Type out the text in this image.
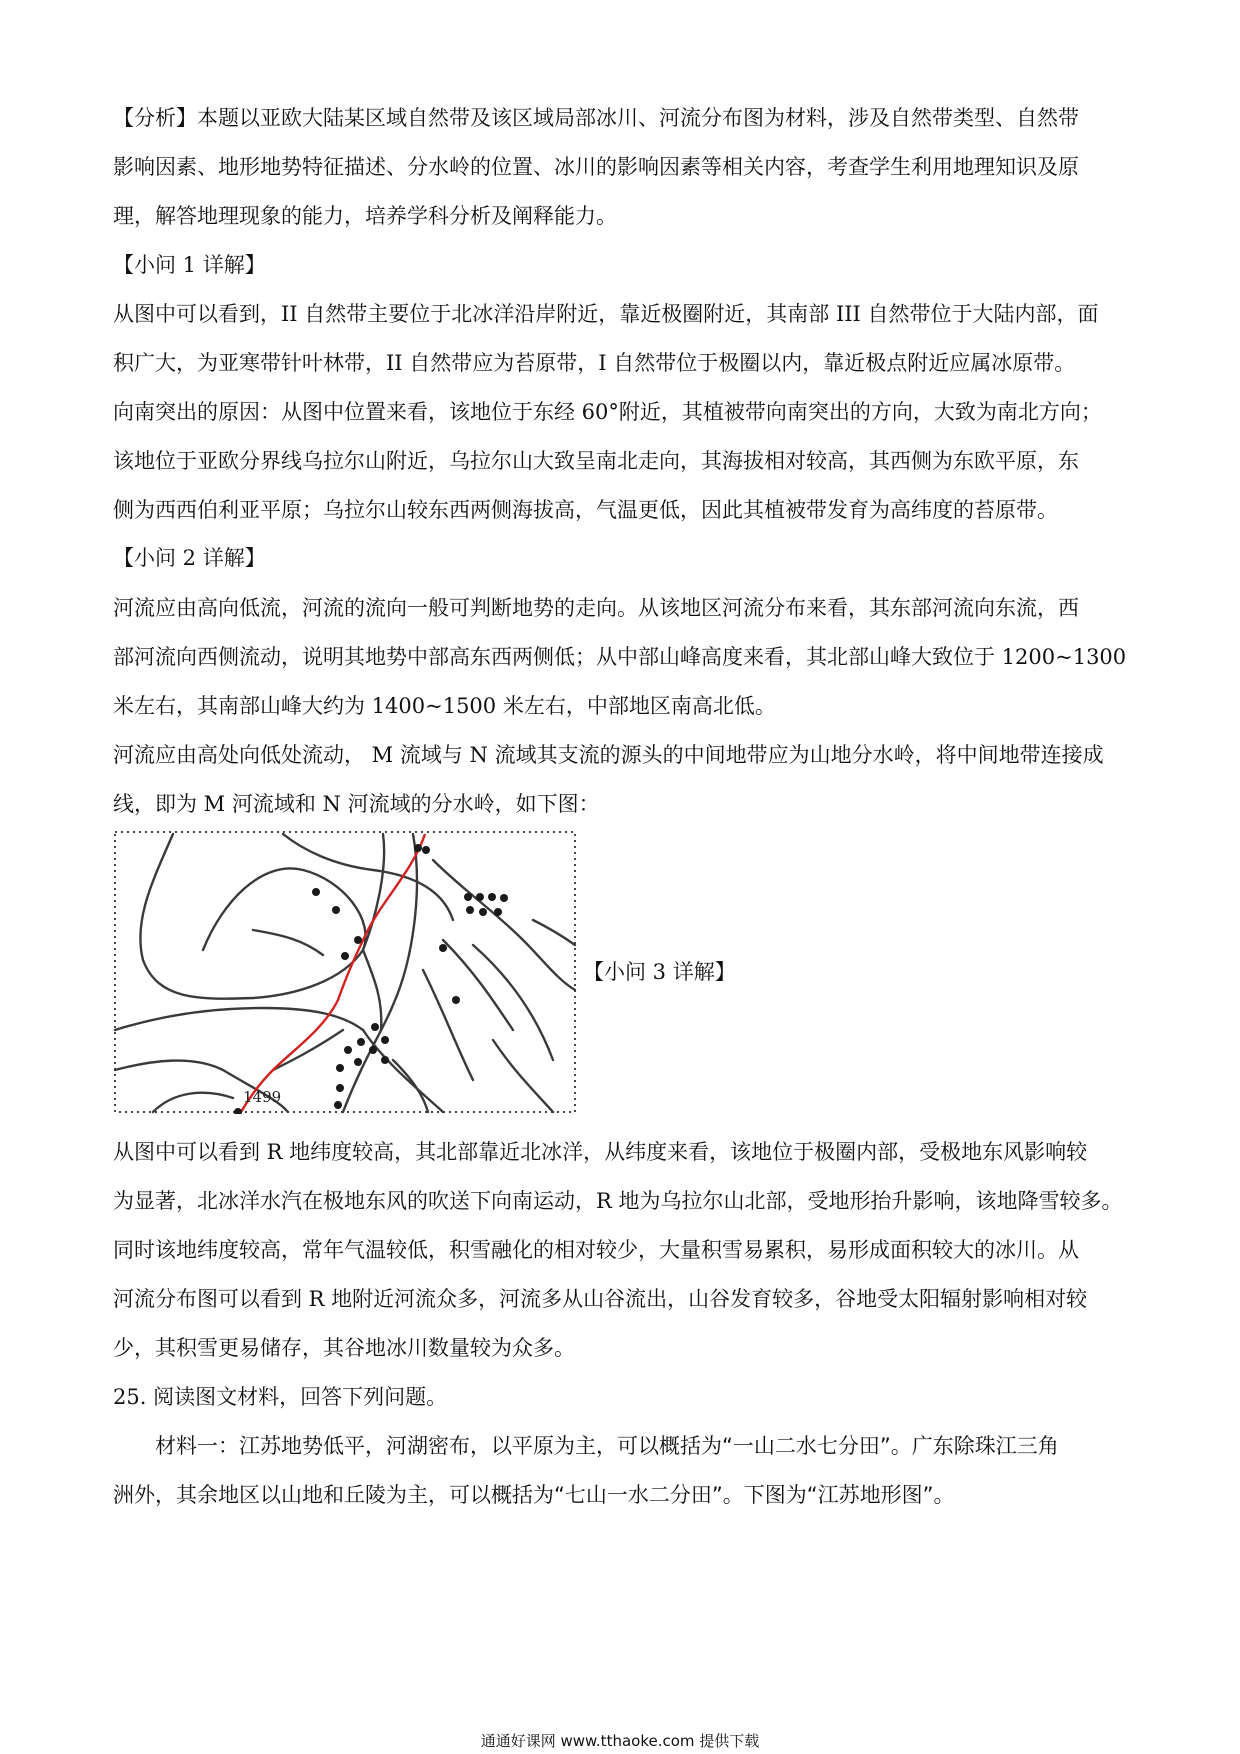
【分析】本题以亚欧大陆某区域自然带及该区域局部冰川、河流分布图为材料，涉及自然带类型、自然带
影响因素、地形地势特征描述、分水岭的位置、冰川的影响因素等相关内容，考查学生利用地理知识及原
理，解答地理现象的能力，培养学科分析及阐释能力。
【小问 1 详解】
从图中可以看到，II 自然带主要位于北冰洋沿岸附近，靠近极圈附近，其南部 III 自然带位于大陆内部，面
积广大，为亚寒带针叶林带，II 自然带应为苔原带，I 自然带位于极圈以内，靠近极点附近应属冰原带。
向南突出的原因：从图中位置来看，该地位于东经 60°附近，其植被带向南突出的方向，大致为南北方向；
该地位于亚欧分界线乌拉尔山附近，乌拉尔山大致呈南北走向，其海拔相对较高，其西侧为东欧平原，东
侧为西西伯利亚平原；乌拉尔山较东西两侧海拔高，气温更低，因此其植被带发育为高纬度的苔原带。
【小问 2 详解】
河流应由高向低流，河流的流向一般可判断地势的走向。从该地区河流分布来看，其东部河流向东流，西
部河流向西侧流动，说明其地势中部高东西两侧低；从中部山峰高度来看，其北部山峰大致位于 1200~1300
米左右，其南部山峰大约为 1400~1500 米左右，中部地区南高北低。
河流应由高处向低处流动， M 流域与 N 流域其支流的源头的中间地带应为山地分水岭，将中间地带连接成
线，即为 M 河流域和 N 河流域的分水岭，如下图：
1499
【小问 3 详解】
从图中可以看到 R 地纬度较高，其北部靠近北冰洋，从纬度来看，该地位于极圈内部，受极地东风影响较
为显著，北冰洋水汽在极地东风的吹送下向南运动，R 地为乌拉尔山北部，受地形抬升影响，该地降雪较多。
同时该地纬度较高，常年气温较低，积雪融化的相对较少，大量积雪易累积，易形成面积较大的冰川。从
河流分布图可以看到 R 地附近河流众多，河流多从山谷流出，山谷发育较多，谷地受太阳辐射影响相对较
少，其积雪更易储存，其谷地冰川数量较为众多。
25. 阅读图文材料，回答下列问题。
材料一：江苏地势低平，河湖密布，以平原为主，可以概括为“一山二水七分田”。广东除珠江三角
洲外，其余地区以山地和丘陵为主，可以概括为“七山一水二分田”。下图为“江苏地形图”。
通通好课网 www.tthaoke.com 提供下载
